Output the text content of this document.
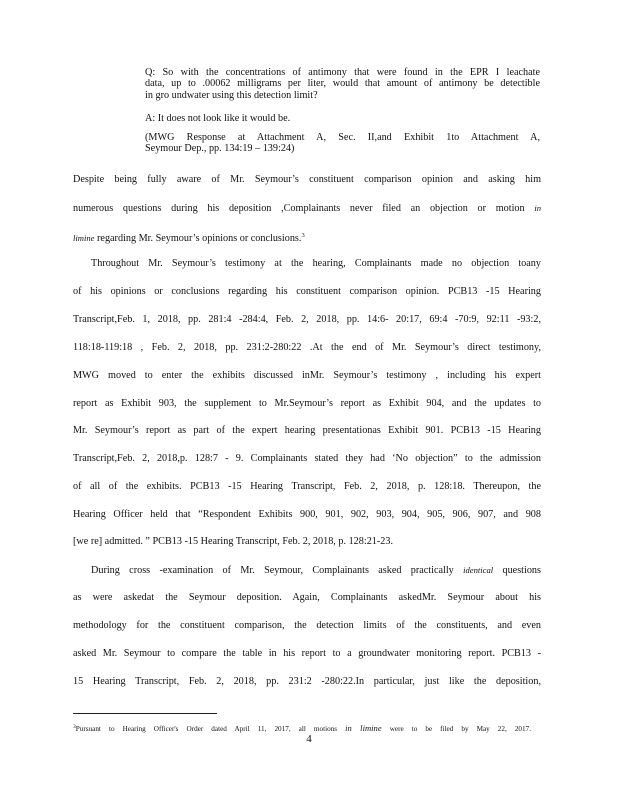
Q: So with the concentrations of antimony that were found in the EPR I leachate
data, up to .00062 milligrams per liter, would that amount of antimony be detectible
in gro undwater using this detection limit?
A: It does not look like it would be.
(MWG Response at Attachment A, Sec. II,and Exhibit 1to Attachment A,
Seymour Dep., pp. 134:19 – 139:24)
Despite being fully aware of Mr. Seymour’s constituent comparison opinion and asking him
numerous questions during his deposition ,Complainants never filed an objection or motion in
limine regarding Mr. Seymour’s opinions or conclusions.$^3$
Throughout Mr. Seymour’s testimony at the hearing, Complainants made no objection toany
of his opinions or conclusions regarding his constituent comparison opinion. PCB13 -15 Hearing
Transcript,Feb. 1, 2018, pp. 281:4 -284:4, Feb. 2, 2018, pp. 14:6- 20:17, 69:4 -70:9, 92:11 -93:2,
118:18-119:18 , Feb. 2, 2018, pp. 231:2-280:22 .At the end of Mr. Seymour’s direct testimony,
MWG moved to enter the exhibits discussed inMr. Seymour’s testimony , including his expert
report as Exhibit 903, the supplement to Mr.Seymour’s report as Exhibit 904, and the updates to
Mr. Seymour’s report as part of the expert hearing presentationas Exhibit 901. PCB13 -15 Hearing
Transcript,Feb. 2, 2018,p. 128:7 - 9. Complainants stated they had ‘No objection” to the admission
of all of the exhibits. PCB13 -15 Hearing Transcript, Feb. 2, 2018, p. 128:18. Thereupon, the
Hearing Officer held that “Respondent Exhibits 900, 901, 902, 903, 904, 905, 906, 907, and 908
[we re] admitted. ” PCB13 -15 Hearing Transcript, Feb. 2, 2018, p. 128:21-23.
During cross -examination of Mr. Seymour, Complainants asked practically identical questions
as were askedat the Seymour deposition. Again, Complainants askedMr. Seymour about his
methodology for the constituent comparison, the detection limits of the constituents, and even
asked Mr. Seymour to compare the table in his report to a groundwater monitoring report. PCB13 -
15 Hearing Transcript, Feb. 2, 2018, pp. 231:2 -280:22.In particular, just like the deposition,
$^3$Pursuant to Hearing Officer's Order dated April 11, 2017, all motions in limine were to be filed by May 22, 2017.
4
